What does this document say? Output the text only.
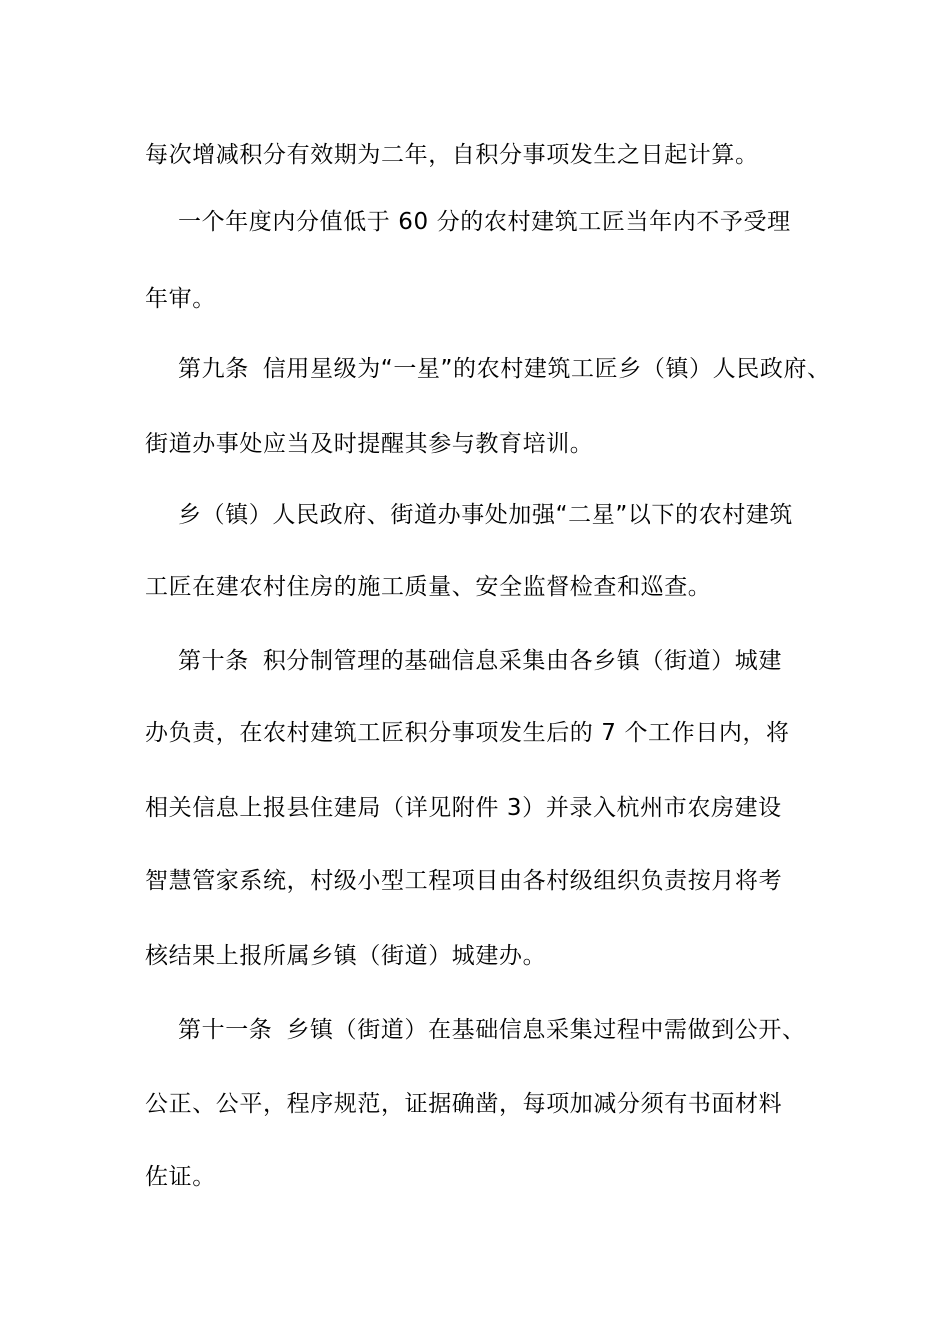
每次增减积分有效期为二年，自积分事项发生之日起计算。
一个年度内分值低于 60 分的农村建筑工匠当年内不予受理
年审。
第九条 信用星级为“一星”的农村建筑工匠乡（镇）人民政府、
街道办事处应当及时提醒其参与教育培训。
乡（镇）人民政府、街道办事处加强“二星”以下的农村建筑
工匠在建农村住房的施工质量、安全监督检查和巡查。
第十条 积分制管理的基础信息采集由各乡镇（街道）城建
办负责，在农村建筑工匠积分事项发生后的 7 个工作日内，将
相关信息上报县住建局（详见附件 3）并录入杭州市农房建设
智慧管家系统，村级小型工程项目由各村级组织负责按月将考
核结果上报所属乡镇（街道）城建办。
第十一条 乡镇（街道）在基础信息采集过程中需做到公开、
公正、公平，程序规范，证据确凿，每项加减分须有书面材料
佐证。
